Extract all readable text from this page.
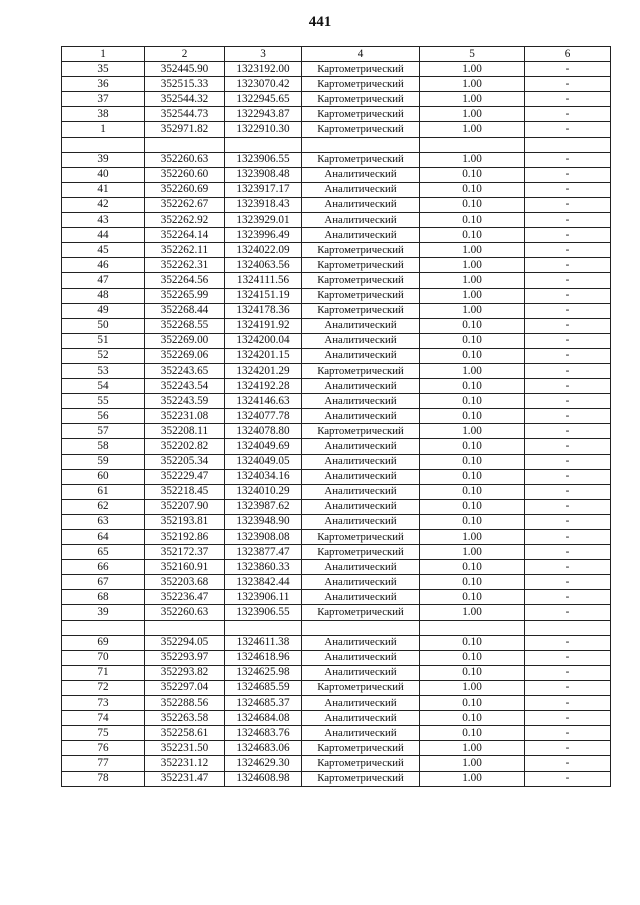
441
1	2	3	4	5	6
35	352445.90	1323192.00	Картометрический	1.00	-
36	352515.33	1323070.42	Картометрический	1.00	-
37	352544.32	1322945.65	Картометрический	1.00	-
38	352544.73	1322943.87	Картометрический	1.00	-
1	352971.82	1322910.30	Картометрический	1.00	-

39	352260.63	1323906.55	Картометрический	1.00	-
40	352260.60	1323908.48	Аналитический	0.10	-
41	352260.69	1323917.17	Аналитический	0.10	-
42	352262.67	1323918.43	Аналитический	0.10	-
43	352262.92	1323929.01	Аналитический	0.10	-
44	352264.14	1323996.49	Аналитический	0.10	-
45	352262.11	1324022.09	Картометрический	1.00	-
46	352262.31	1324063.56	Картометрический	1.00	-
47	352264.56	1324111.56	Картометрический	1.00	-
48	352265.99	1324151.19	Картометрический	1.00	-
49	352268.44	1324178.36	Картометрический	1.00	-
50	352268.55	1324191.92	Аналитический	0.10	-
51	352269.00	1324200.04	Аналитический	0.10	-
52	352269.06	1324201.15	Аналитический	0.10	-
53	352243.65	1324201.29	Картометрический	1.00	-
54	352243.54	1324192.28	Аналитический	0.10	-
55	352243.59	1324146.63	Аналитический	0.10	-
56	352231.08	1324077.78	Аналитический	0.10	-
57	352208.11	1324078.80	Картометрический	1.00	-
58	352202.82	1324049.69	Аналитический	0.10	-
59	352205.34	1324049.05	Аналитический	0.10	-
60	352229.47	1324034.16	Аналитический	0.10	-
61	352218.45	1324010.29	Аналитический	0.10	-
62	352207.90	1323987.62	Аналитический	0.10	-
63	352193.81	1323948.90	Аналитический	0.10	-
64	352192.86	1323908.08	Картометрический	1.00	-
65	352172.37	1323877.47	Картометрический	1.00	-
66	352160.91	1323860.33	Аналитический	0.10	-
67	352203.68	1323842.44	Аналитический	0.10	-
68	352236.47	1323906.11	Аналитический	0.10	-
39	352260.63	1323906.55	Картометрический	1.00	-

69	352294.05	1324611.38	Аналитический	0.10	-
70	352293.97	1324618.96	Аналитический	0.10	-
71	352293.82	1324625.98	Аналитический	0.10	-
72	352297.04	1324685.59	Картометрический	1.00	-
73	352288.56	1324685.37	Аналитический	0.10	-
74	352263.58	1324684.08	Аналитический	0.10	-
75	352258.61	1324683.76	Аналитический	0.10	-
76	352231.50	1324683.06	Картометрический	1.00	-
77	352231.12	1324629.30	Картометрический	1.00	-
78	352231.47	1324608.98	Картометрический	1.00	-
